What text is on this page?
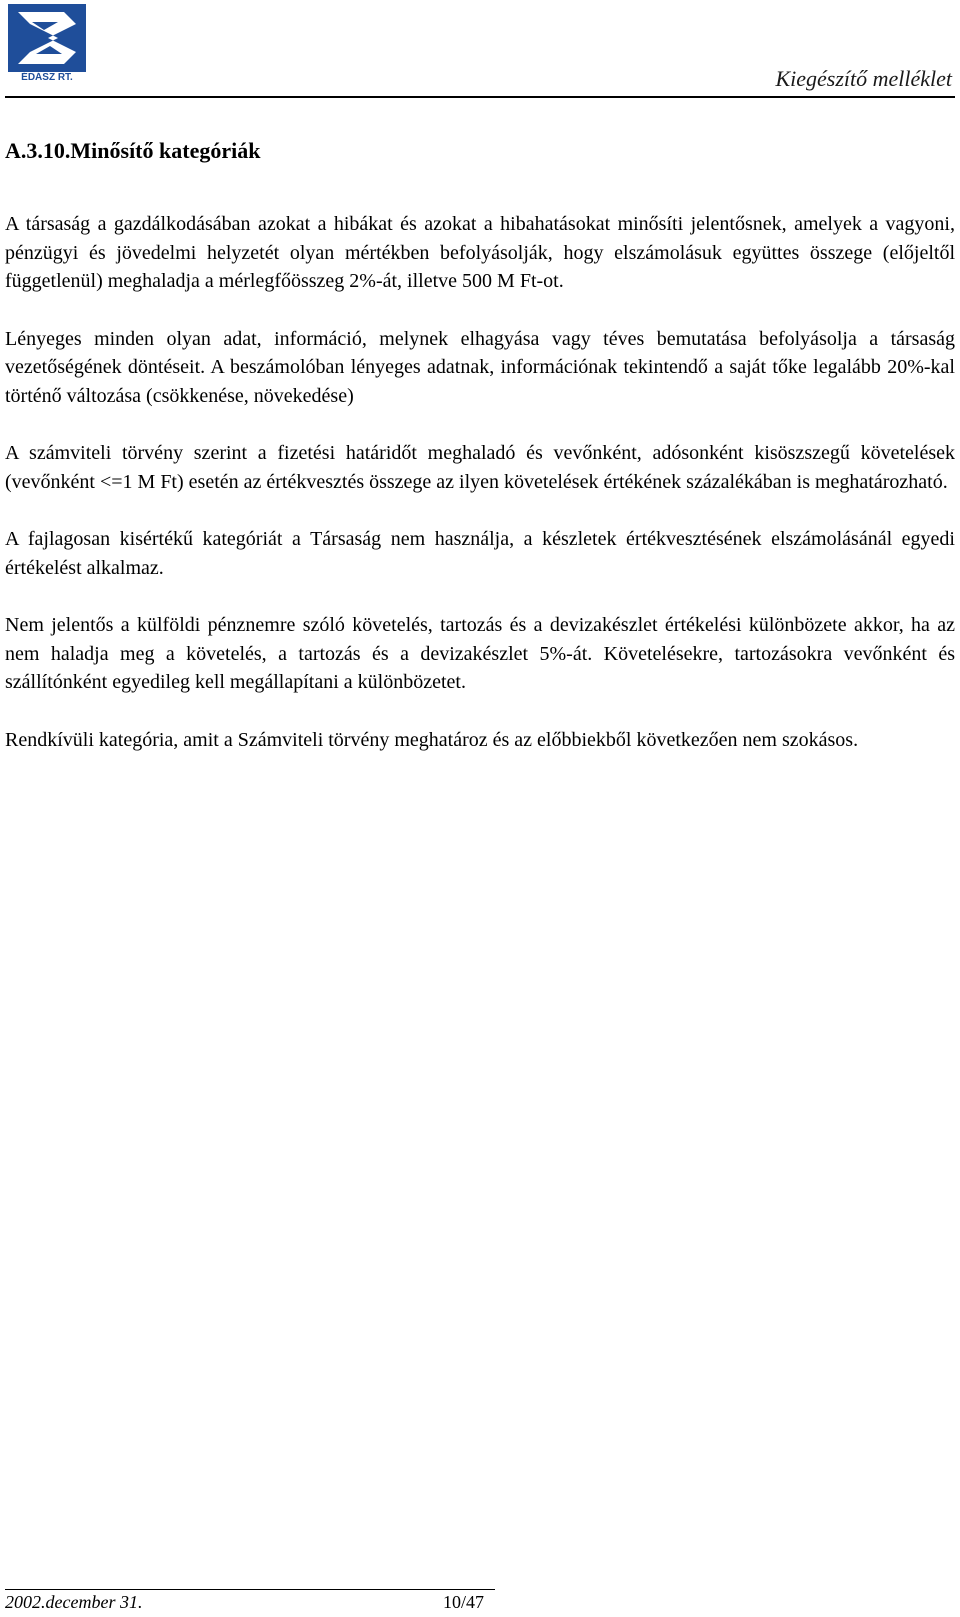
ÉDÁSZ RT.	Kiegészítő melléklet
A.3.10.Minősítő kategóriák

A társaság a gazdálkodásában azokat a hibákat és azokat a hibahatásokat minősíti jelentősnek, amelyek a vagyoni, pénzügyi és jövedelmi helyzetét olyan mértékben befolyásolják, hogy elszámolásuk együttes összege (előjeltől függetlenül) meghaladja a mérlegfőösszeg 2%-át, illetve 500 M Ft-ot.

Lényeges minden olyan adat, információ, melynek elhagyása vagy téves bemutatása befolyásolja a társaság vezetőségének döntéseit. A beszámolóban lényeges adatnak, információnak tekintendő a saját tőke legalább 20%-kal történő változása (csökkenése, növekedése)

A számviteli törvény szerint a fizetési határidőt meghaladó és vevőnként, adósonként kisöszszegű követelések (vevőnként <=1 M Ft) esetén az értékvesztés összege az ilyen követelések értékének százalékában is meghatározható.

A fajlagosan kisértékű kategóriát a Társaság nem használja, a készletek értékvesztésének elszámolásánál egyedi értékelést alkalmaz.

Nem jelentős a külföldi pénznemre szóló követelés, tartozás és a devizakészlet értékelési különbözete akkor, ha az nem haladja meg a követelés, a tartozás és a devizakészlet 5%-át. Követelésekre, tartozásokra vevőnként és szállítónként egyedileg kell megállapítani a különbözetet.

Rendkívüli kategória, amit a Számviteli törvény meghatároz és az előbbiekből következően nem szokásos.

2002.december 31.	10/47
